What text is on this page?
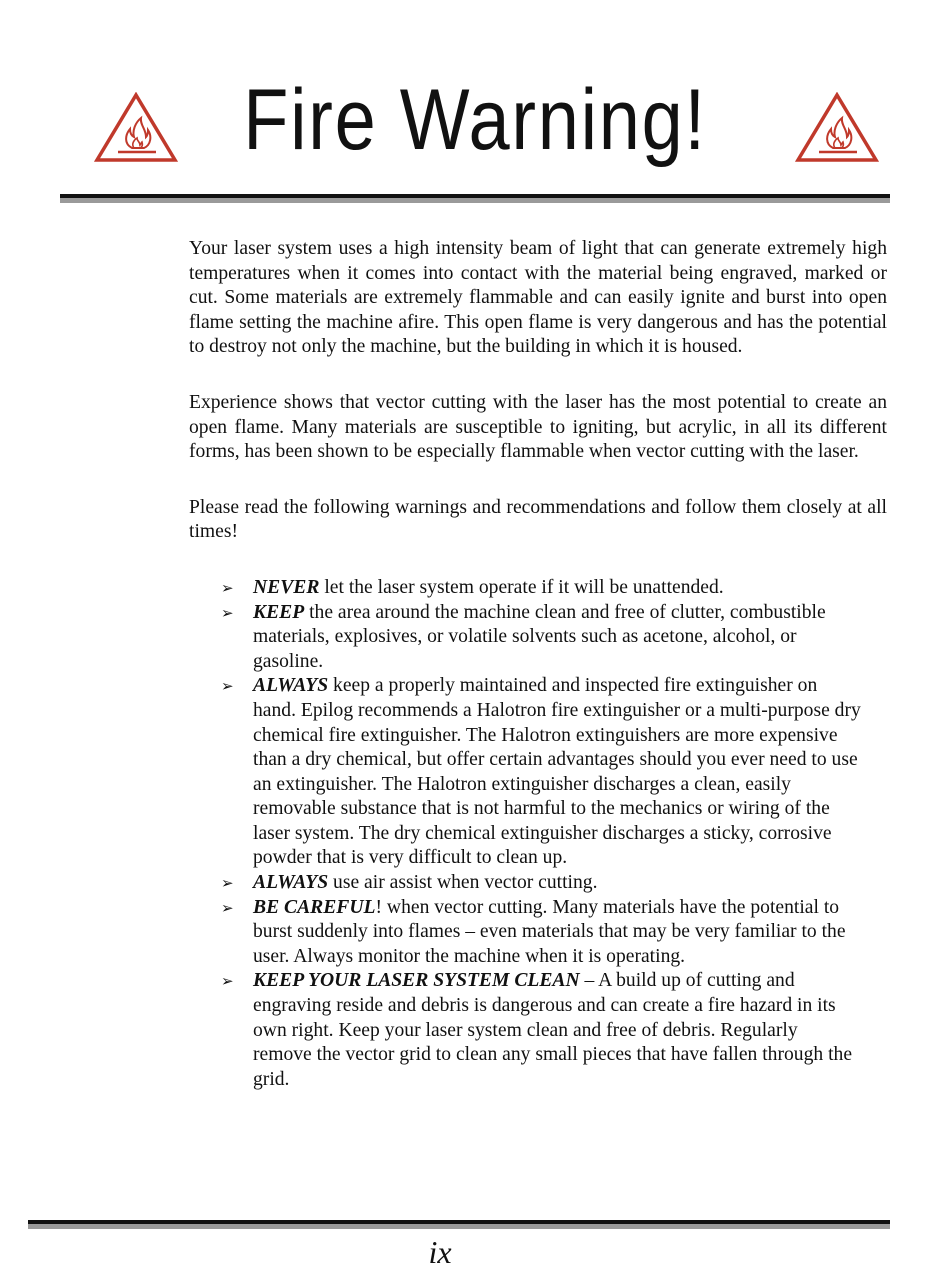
Fire Warning!

Your laser system uses a high intensity beam of light that can generate extremely high temperatures when it comes into contact with the material being engraved, marked or cut. Some materials are extremely flammable and can easily ignite and burst into open flame setting the machine afire. This open flame is very dangerous and has the potential to destroy not only the machine, but the building in which it is housed.

Experience shows that vector cutting with the laser has the most potential to create an open flame. Many materials are susceptible to igniting, but acrylic, in all its different forms, has been shown to be especially flammable when vector cutting with the laser.

Please read the following warnings and recommendations and follow them closely at all times!

➢ NEVER let the laser system operate if it will be unattended.
➢ KEEP the area around the machine clean and free of clutter, combustible materials, explosives, or volatile solvents such as acetone, alcohol, or gasoline.
➢ ALWAYS keep a properly maintained and inspected fire extinguisher on hand. Epilog recommends a Halotron fire extinguisher or a multi-purpose dry chemical fire extinguisher. The Halotron extinguishers are more expensive than a dry chemical, but offer certain advantages should you ever need to use an extinguisher. The Halotron extinguisher discharges a clean, easily removable substance that is not harmful to the mechanics or wiring of the laser system. The dry chemical extinguisher discharges a sticky, corrosive powder that is very difficult to clean up.
➢ ALWAYS use air assist when vector cutting.
➢ BE CAREFUL! when vector cutting. Many materials have the potential to burst suddenly into flames – even materials that may be very familiar to the user. Always monitor the machine when it is operating.
➢ KEEP YOUR LASER SYSTEM CLEAN – A build up of cutting and engraving reside and debris is dangerous and can create a fire hazard in its own right. Keep your laser system clean and free of debris. Regularly remove the vector grid to clean any small pieces that have fallen through the grid.
ix
